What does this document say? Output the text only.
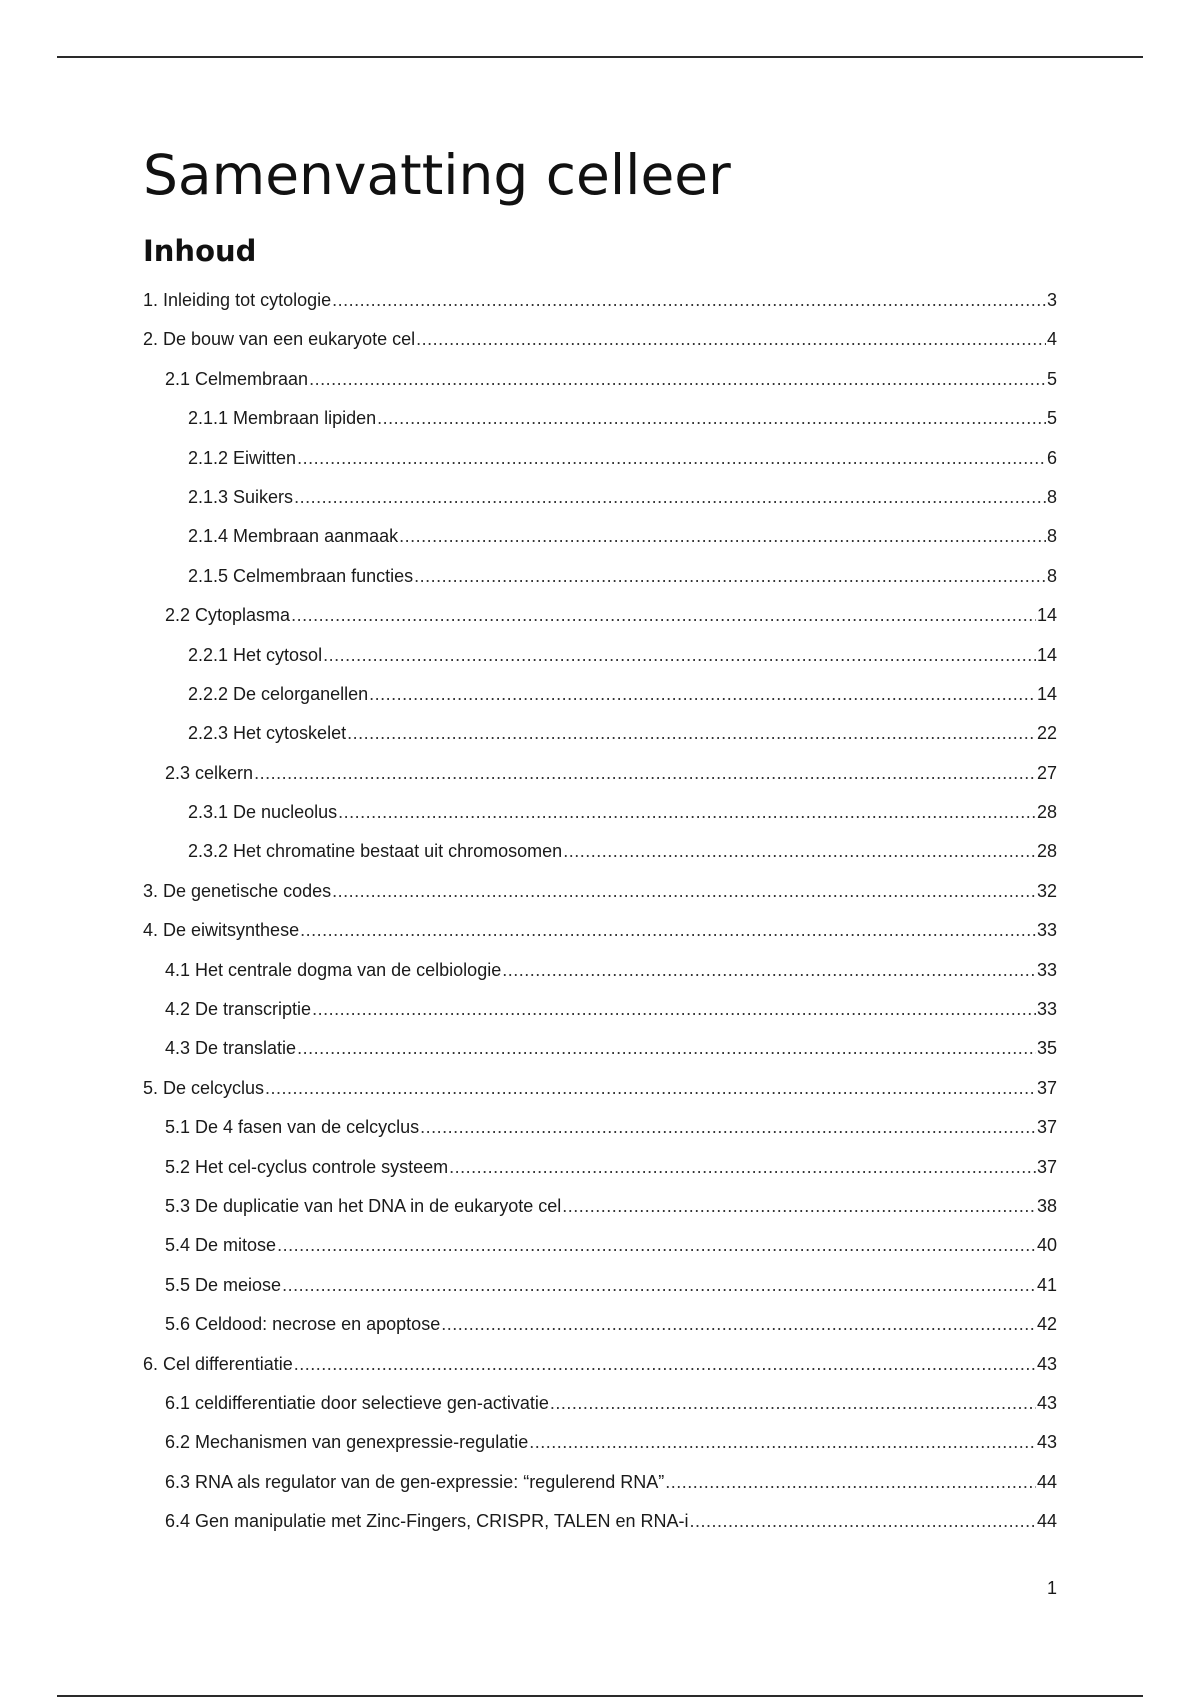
Samenvatting celleer
Inhoud
1. Inleiding tot cytologie .....	3
2. De bouw van een eukaryote cel .....	4
2.1 Celmembraan .....	5
2.1.1 Membraan lipiden .....	5
2.1.2 Eiwitten .....	6
2.1.3 Suikers .....	8
2.1.4 Membraan aanmaak .....	8
2.1.5 Celmembraan functies .....	8
2.2 Cytoplasma .....	14
2.2.1 Het cytosol .....	14
2.2.2 De celorganellen .....	14
2.2.3 Het cytoskelet .....	22
2.3 celkern .....	27
2.3.1 De nucleolus .....	28
2.3.2 Het chromatine bestaat uit chromosomen .....	28
3. De genetische codes .....	32
4. De eiwitsynthese .....	33
4.1 Het centrale dogma van de celbiologie .....	33
4.2 De transcriptie .....	33
4.3 De translatie .....	35
5. De celcyclus .....	37
5.1 De 4 fasen van de celcyclus .....	37
5.2 Het cel-cyclus controle systeem .....	37
5.3 De duplicatie van het DNA in de eukaryote cel .....	38
5.4 De mitose .....	40
5.5 De meiose .....	41
5.6 Celdood: necrose en apoptose .....	42
6. Cel differentiatie .....	43
6.1 celdifferentiatie door selectieve gen-activatie .....	43
6.2 Mechanismen van genexpressie-regulatie .....	43
6.3 RNA als regulator van de gen-expressie: “regulerend RNA” .....	44
6.4 Gen manipulatie met Zinc-Fingers, CRISPR, TALEN en RNA-i .....	44
1
